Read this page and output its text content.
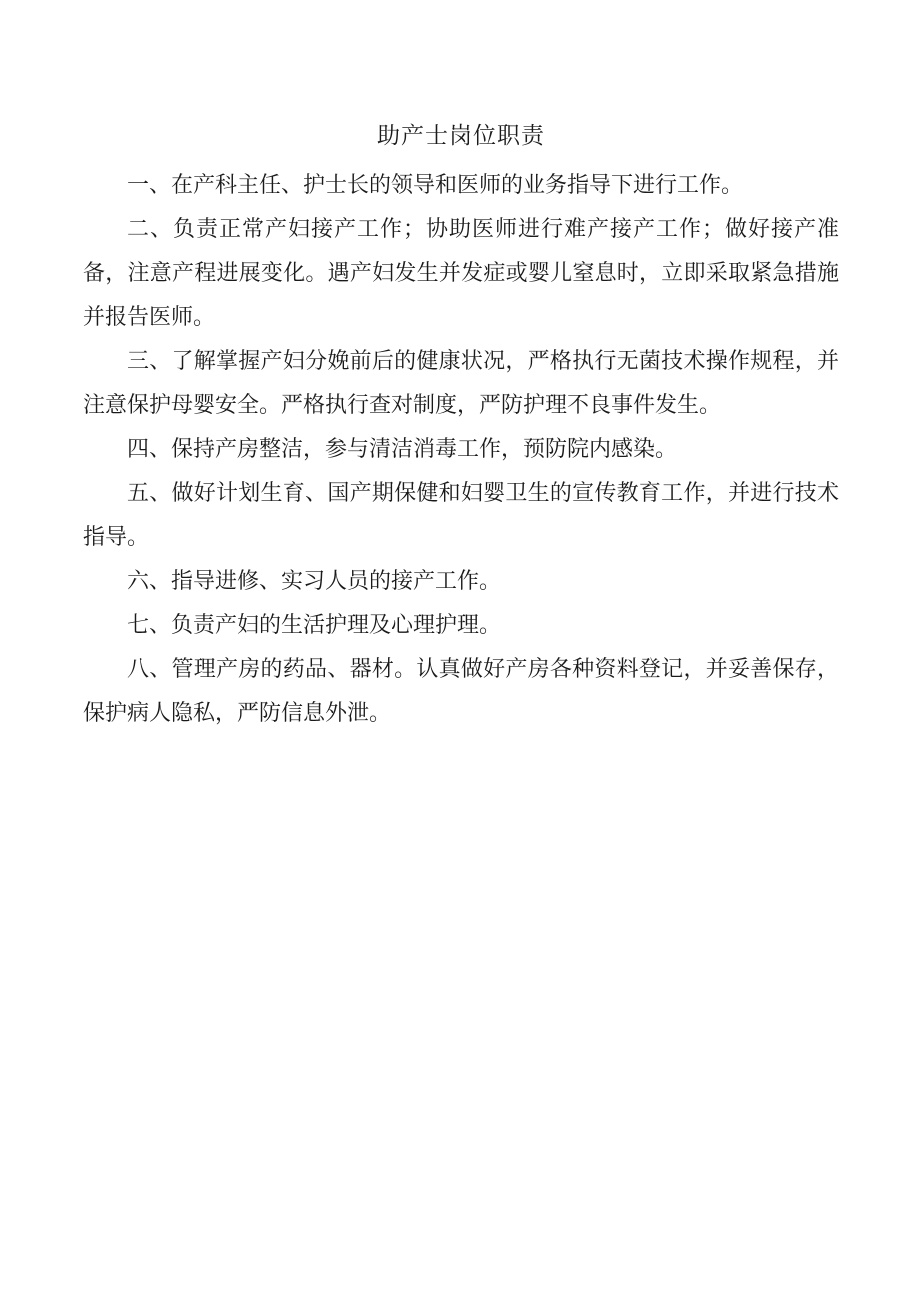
助产士岗位职责

一、在产科主任、护士长的领导和医师的业务指导下进行工作。

二、负责正常产妇接产工作；协助医师进行难产接产工作；做好接产准备，注意产程进展变化。遇产妇发生并发症或婴儿窒息时，立即采取紧急措施并报告医师。

三、了解掌握产妇分娩前后的健康状况，严格执行无菌技术操作规程，并注意保护母婴安全。严格执行查对制度，严防护理不良事件发生。

四、保持产房整洁，参与清洁消毒工作，预防院内感染。

五、做好计划生育、国产期保健和妇婴卫生的宣传教育工作，并进行技术指导。

六、指导进修、实习人员的接产工作。

七、负责产妇的生活护理及心理护理。

八、管理产房的药品、器材。认真做好产房各种资料登记，并妥善保存，保护病人隐私，严防信息外泄。
